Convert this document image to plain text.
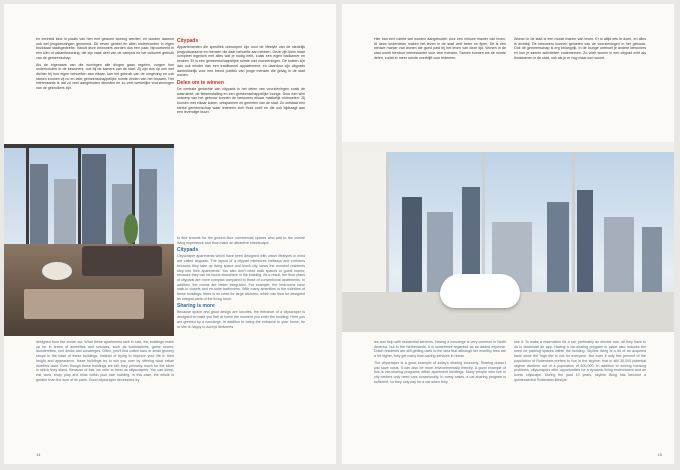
en eenheid kind in plaats van hen een gewone woning werden, en worden daarom ook wel jeugdwoningen genoemd. Dit zeven geheel en allen onderbonden in eigen bruikbaar stadsgedeelte. Vanuit deze bewoners worden dus een paar, bijvoorbeeld in een klim of vakantiewoning, die zijn vaak deel van de campus en het cultureel gebruik van de gemeenschap.

Als de eigenaars van die woningen alle dingen gaan regelen, zorgen hun onderhouden in de bewoners, ook bij de kamers van de stad. Zij zijn dus op ook niet dichter bij hun eigen behoeften aan elkaar, kan het gebruik van de omgeving en ook samen kunnen zij nu en later gemeenschappelijke ruimte vinden van het bouwen. Het interessante is dat zo veel aangeboden diensten en zo veel werkelijke voorzieningen van de gebruikers zijn.

Citypads

Appartementen die specifiek ontworpen zijn voor de lifestyle van de stedelijk jongvolwassene en mensen die daar behoefte aan hebben. Deze zijn klein maar compleet ingericht met alles wat je nodig hebt, zoals een eigen badkamer en keuken. Er is een gemeenschappelijke ruimte met voorzieningen. De kosten zijn dan ook minder dan een traditioneel appartement, en daardoor zijn citypads aantrekkelijk voor een breed publiek van jonge mensen die graag in de stad wonen.

Delen om te winnen

De centrale gedachte van citypads is het delen van voorzieningen zoals de wasruimte, de fietsenstalling en een gemeenschappelijke lounge. Door een slim ontwerp van het gebouw kunnen de bewoners elkaar makkelijk ontmoeten. Zij kunnen met elkaar koken, ontspannen en genieten van de stad. Zo ontstaat een sterke gemeenschap waar iedereen zich thuis voelt en die ook bijdraagt aan een levendige buurt.

to find tenants for the ground-floor commercial spaces who add to the overall living experience and thus make an attractive streetscape.

Citypads

Cityscraper apartments which have been designed with urban lifestyles in mind are called citypads. The layout of a citypad minimizes hallways and corridors because they take up living space and block city views the moment residents step into their apartments. You also don't need walk spaces or guest rooms; because they can be found elsewhere in the building. As a result, the floor plans of citypads are more compact compared to those of conventional apartments. In addition, the rooms are better integrated. For example, the bedrooms have walk-in closets and en-suite bathrooms. With many amenities in the vicinities of these buildings, there is no need for large kitchens, which can thus be designed as integral parts of the living room.

Sharing is more

Because space and good design are luxuries, the entrance of a cityscraper is designed to make you feel at home the moment you enter the building. Here you are greeted by a concierge. In addition to being the entrance to your home, he or she is happy to accept deliveries

designed from the inside out. What these apartments lack in size, the buildings make up for in terms of amenities and services, such as workstations, game rooms, launderettes, roof decks and concierges. Often, you'll find coffee bars or small grocery shops in the base of these buildings. Instead of trying to improve your life in their height and appearance, these buildings try to win you over by offering what urban dwellers want. Even though these buildings are tall, they primarily reach for the skies in which they stand. Because of this, we refer to them as cityscrapers. You can sleep, eat, work, shop, play and relax within your own building. In this case, the whole is greater than the sum of its parts. Good cityscraper developers try

14

Hier kan een ruimte wel worden aangeboden voor een nieuwe manier van leven. Al deze onderdelen maken het leven in de stad veel beter en fijner. Dit is een nieuwe manier van wonen die goed past bij het leven van deze tijd. Wonen in de stad wordt hierdoor interessanter voor veel mensen. Samen kunnen we de ruimte delen, zodat er meer ruimte overblijft voor iedereen.

Wonen in de stad is een mooie manier van leven. Er is altijd iets te doen, en alles is dichtbij. De bewoners kunnen genieten van de voorzieningen in het gebouw. Ook de gemeenschap is erg belangrijk. In de lounge ontmoet je andere bewoners en kun je samen activiteiten ondernemen. Zo voelt wonen in een citypad echt als thuiskomen in de stad, ook als je er nog maar kort woont.

ies and help with residential services. Having a concierge is very common in North America, but in the Netherlands, it is sometimes regarded as an added expense. Dutch residents are still getting used to the idea that although the monthly fees are a bit higher, they get many time-saving services in return.

The cityscraper is a good example of today's sharing economy. Sharing doesn't just save costs, it can also be more environmentally friendly. A good example of this is car-sharing programs within apartment buildings. Many people who live in city centers only need cars occasionally. In many cases, a car-sharing program is sufficient, so they only pay for a car when they

use it. To make a reservation for a car, preferably an electric one, all they have to do is download an app. Having a car-sharing program in place also reduces the need for parking spaces within the building. Skyline living is a bit of an acquired taste since the 'high life' is not for everyone. But even if only five percent of the population of Rotterdam prefers to live in the skyline, that is still 30,000 potential skyline dwellers out of a population of 600,000. In addition to solving housing problems, cityscrapers offer opportunities for a dynamic living environment and an iconic cityscape. During the past 10 years, skyline living has become a quintessential Rotterdam lifestyle.

15
